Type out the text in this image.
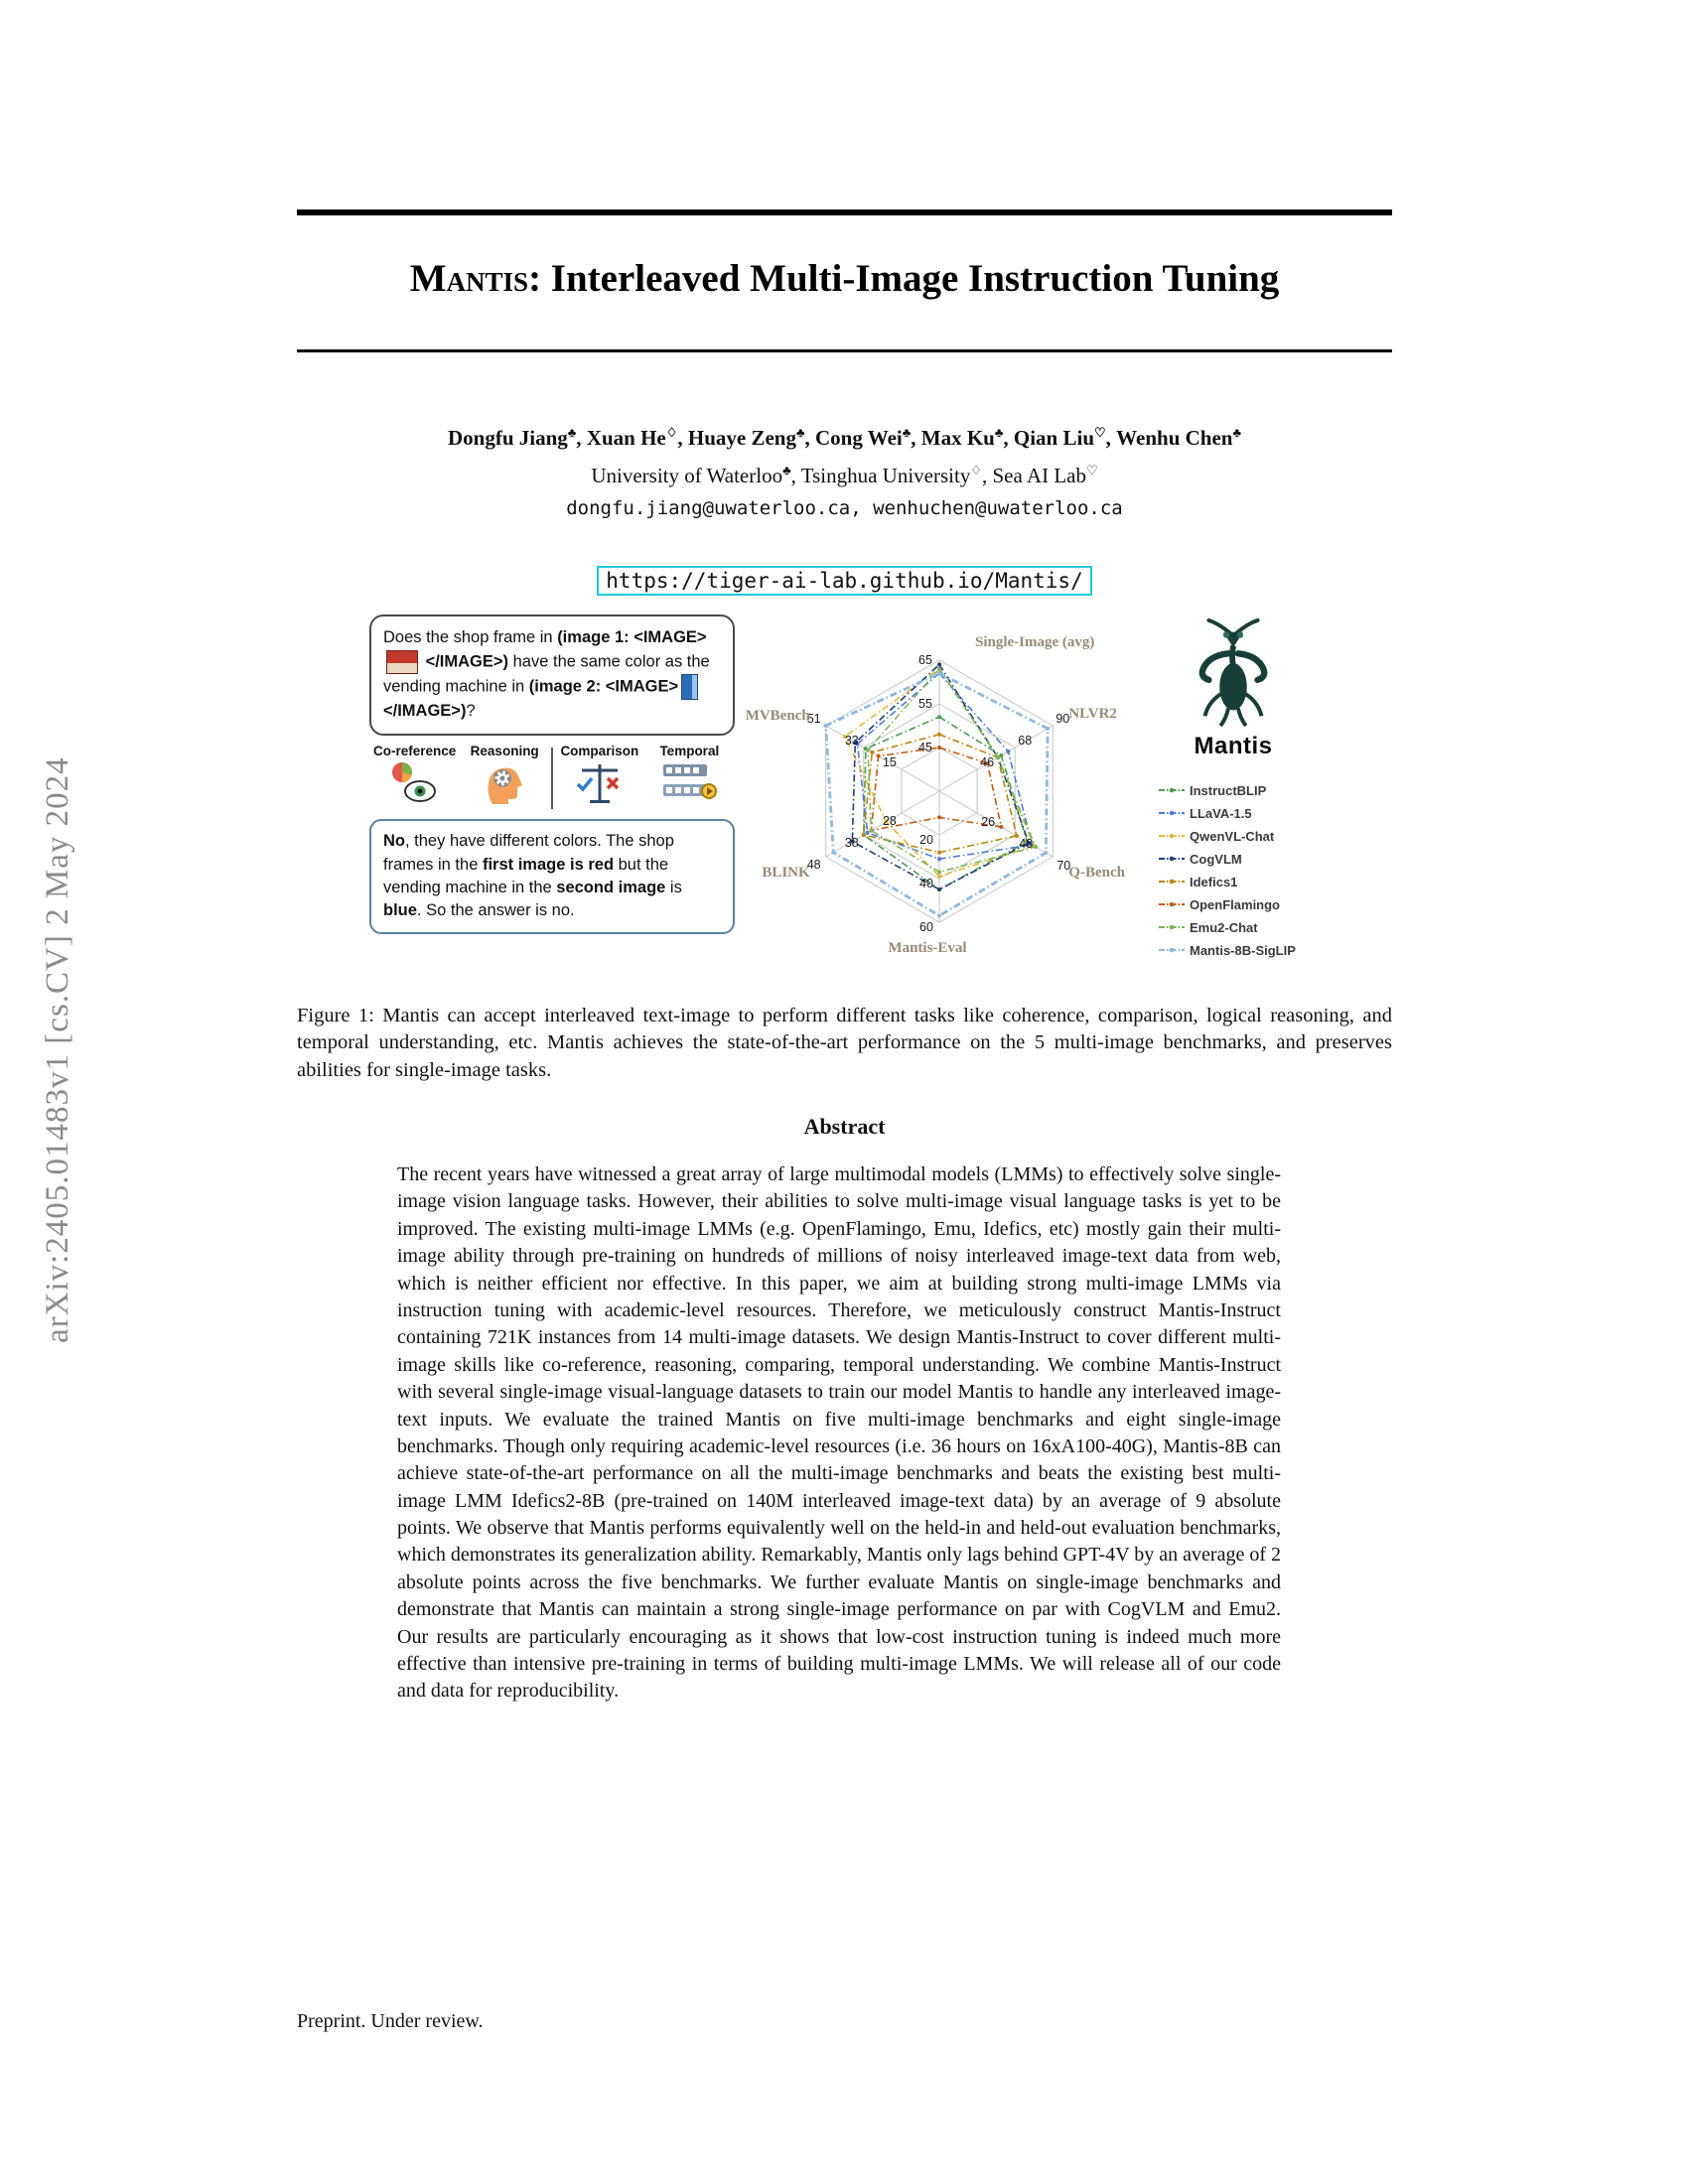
arXiv:2405.01483v1 [cs.CV] 2 May 2024
Mantis: Interleaved Multi-Image Instruction Tuning
Dongfu Jiang♣, Xuan He♢, Huaye Zeng♣, Cong Wei♣, Max Ku♣, Qian Liu♡, Wenhu Chen♣
University of Waterloo♣, Tsinghua University♢, Sea AI Lab♡
dongfu.jiang@uwaterloo.ca, wenhuchen@uwaterloo.ca
https://tiger-ai-lab.github.io/Mantis/
Does the shop frame in (image 1: <IMAGE> </IMAGE>) have the same color as the vending machine in (image 2: <IMAGE> </IMAGE>)?
Co-reference	Reasoning	Comparison	Temporal
No, they have different colors. The shop frames in the first image is red but the vending machine in the second image is blue. So the answer is no.
45
55
65
46
68
90
26
48
70
20
40
60
28
38
48
15
33
51
Single-Image (avg)
NLVR2
Q-Bench
Mantis-Eval
BLINK
MVBench
Mantis
InstructBLIP
LLaVA-1.5
QwenVL-Chat
CogVLM
Idefics1
OpenFlamingo
Emu2-Chat
Mantis-8B-SigLIP
Figure 1: Mantis can accept interleaved text-image to perform different tasks like coherence, comparison, logical reasoning, and temporal understanding, etc. Mantis achieves the state-of-the-art performance on the 5 multi-image benchmarks, and preserves abilities for single-image tasks.
Abstract
The recent years have witnessed a great array of large multimodal models (LMMs) to effectively solve single-image vision language tasks. However, their abilities to solve multi-image visual language tasks is yet to be improved. The existing multi-image LMMs (e.g. OpenFlamingo, Emu, Idefics, etc) mostly gain their multi-image ability through pre-training on hundreds of millions of noisy interleaved image-text data from web, which is neither efficient nor effective. In this paper, we aim at building strong multi-image LMMs via instruction tuning with academic-level resources. Therefore, we meticulously construct Mantis-Instruct containing 721K instances from 14 multi-image datasets. We design Mantis-Instruct to cover different multi-image skills like co-reference, reasoning, comparing, temporal understanding. We combine Mantis-Instruct with several single-image visual-language datasets to train our model Mantis to handle any interleaved image-text inputs. We evaluate the trained Mantis on five multi-image benchmarks and eight single-image benchmarks. Though only requiring academic-level resources (i.e. 36 hours on 16xA100-40G), Mantis-8B can achieve state-of-the-art performance on all the multi-image benchmarks and beats the existing best multi-image LMM Idefics2-8B (pre-trained on 140M interleaved image-text data) by an average of 9 absolute points. We observe that Mantis performs equivalently well on the held-in and held-out evaluation benchmarks, which demonstrates its generalization ability. Remarkably, Mantis only lags behind GPT-4V by an average of 2 absolute points across the five benchmarks. We further evaluate Mantis on single-image benchmarks and demonstrate that Mantis can maintain a strong single-image performance on par with CogVLM and Emu2. Our results are particularly encouraging as it shows that low-cost instruction tuning is indeed much more effective than intensive pre-training in terms of building multi-image LMMs. We will release all of our code and data for reproducibility.
Preprint. Under review.
